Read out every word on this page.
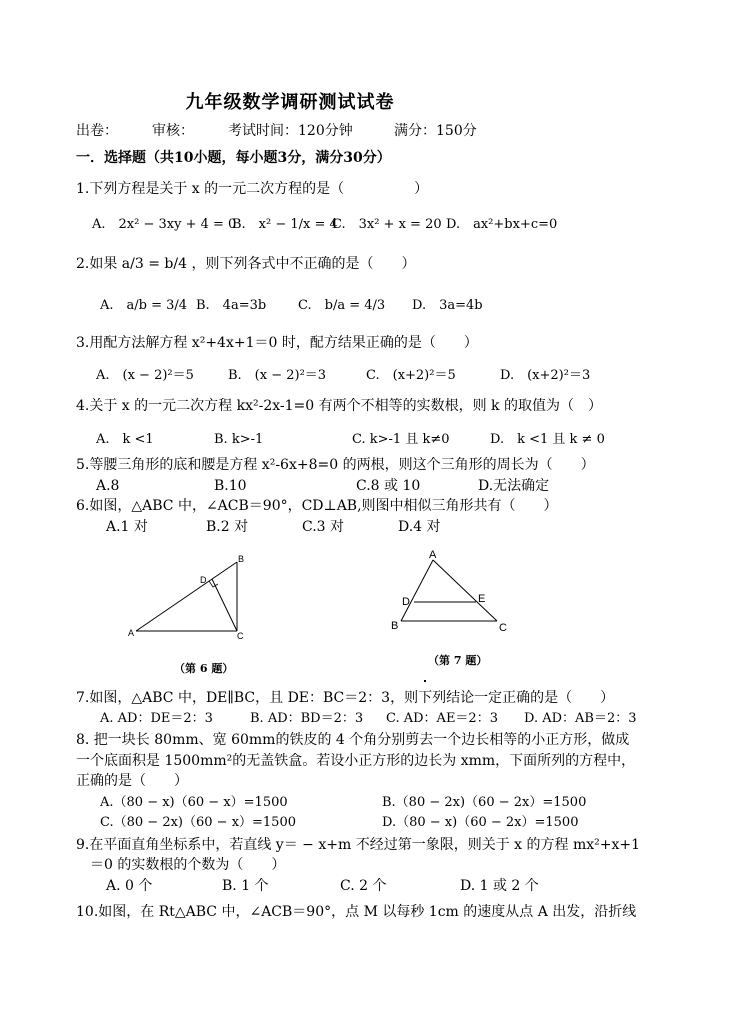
九年级数学调研测试试卷
出卷： 审核： 考试时间：120分钟	满分：150分
一．选择题（共10小题，每小题3分，满分30分）
1.下列方程是关于 x 的一元二次方程的是（　　　　　）
A.　2x² − 3xy + 4 = 0
B.　x² − 1/x = 4
C.　3x² + x = 20 D.　ax²+bx+c=0
2.如果 a/3 = b/4 ，则下列各式中不正确的是（　　）
A.　a/b = 3/4 B.　4a=3b C.　b/a = 4/3 D.　3a=4b
3.用配方法解方程 x²+4x+1＝0 时，配方结果正确的是（　　）
A.　(x − 2)²＝5	B.　(x − 2)²＝3	C.　(x+2)²＝5	D.　(x+2)²＝3
4.关于 x 的一元二次方程 kx²-2x-1=0 有两个不相等的实数根，则 k 的取值为（　）
A.　k <1	B. k>-1	C. k>-1 且 k≠0	D.　k <1 且 k ≠ 0
5.等腰三角形的底和腰是方程 x²-6x+8=0 的两根，则这个三角形的周长为（　　）
A.8	B.10	C.8 或 10	D.无法确定
6.如图，△ABC 中，∠ACB＝90°，CD⊥AB,则图中相似三角形共有（　　）
A.1 对	B.2 对	C.3 对	D.4 对
A
B
C
D
（第 6 题）
A
B	C
D	E
（第 7 题）
7.如图，△ABC 中，DE∥BC，且 DE：BC＝2：3，则下列结论一定正确的是（　　）
A. AD：DE＝2：3	B. AD：BD＝2：3 C. AD：AE＝2：3 D. AD：AB＝2：3
8. 把一块长 80mm、宽 60mm的铁皮的 4 个角分别剪去一个边长相等的小正方形，做成
一个底面积是 1500mm²的无盖铁盒。若设小正方形的边长为 xmm，下面所列的方程中，
正确的是（　　）
A.（80 − x)（60 − x）=1500	B.（80 − 2x)（60 − 2x）=1500
C.（80 − 2x)（60 − x）=1500	D.（80 − x)（60 − 2x）=1500
9.在平面直角坐标系中，若直线 y＝ − x+m 不经过第一象限，则关于 x 的方程 mx²+x+1
＝0 的实数根的个数为（　　）
A. 0 个	B. 1 个	C. 2 个	D. 1 或 2 个
10.如图，在 Rt△ABC 中，∠ACB＝90°，点 M 以每秒 1cm 的速度从点 A 出发，沿折线
